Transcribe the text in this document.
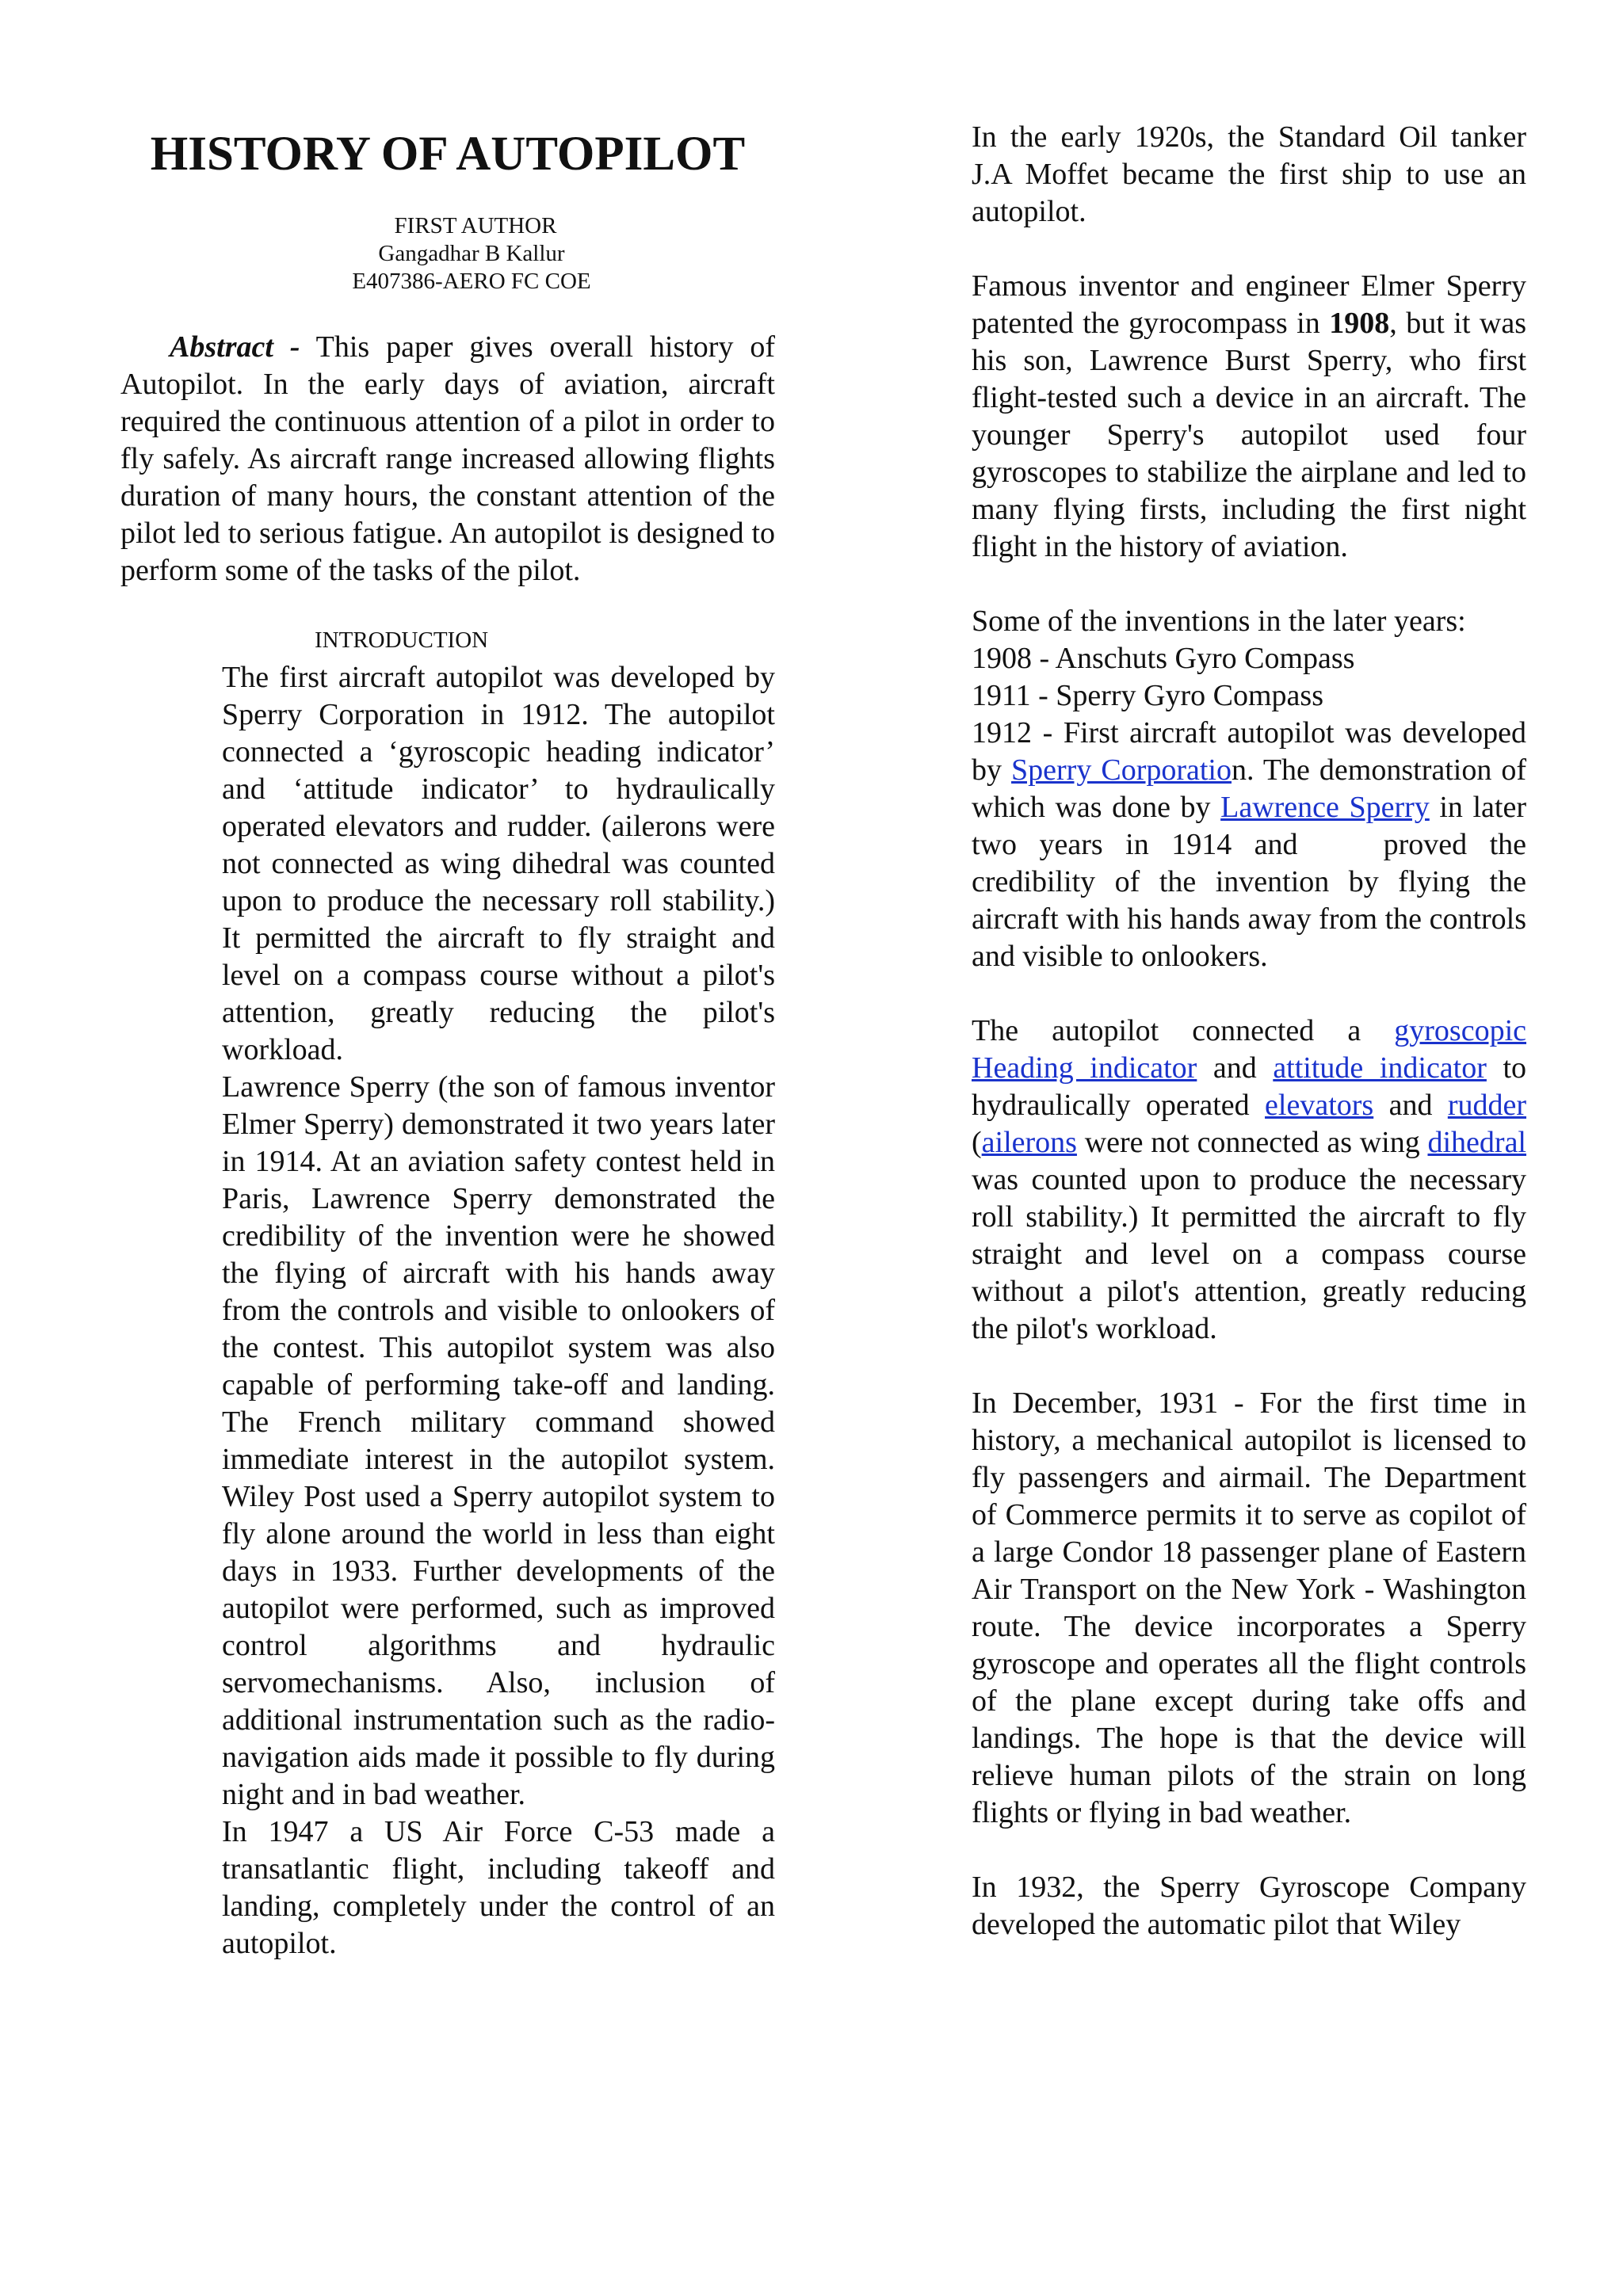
HISTORY OF AUTOPILOT
FIRST AUTHOR
Gangadhar B Kallur
E407386-AERO FC COE

Abstract - This paper gives overall history of Autopilot. In the early days of aviation, aircraft required the continuous attention of a pilot in order to fly safely. As aircraft range increased allowing flights duration of many hours, the constant attention of the pilot led to serious fatigue. An autopilot is designed to perform some of the tasks of the pilot.

INTRODUCTION

The first aircraft autopilot was developed by Sperry Corporation in 1912. The autopilot connected a ‘gyroscopic heading indicator’ and ‘attitude indicator’ to hydraulically operated elevators and rudder. (ailerons were not connected as wing dihedral was counted upon to produce the necessary roll stability.) It permitted the aircraft to fly straight and level on a compass course without a pilot's attention, greatly reducing the pilot's workload.

Lawrence Sperry (the son of famous inventor Elmer Sperry) demonstrated it two years later in 1914. At an aviation safety contest held in Paris, Lawrence Sperry demonstrated the credibility of the invention were he showed the flying of aircraft with his hands away from the controls and visible to onlookers of the contest. This autopilot system was also capable of performing take-off and landing. The French military command showed immediate interest in the autopilot system. Wiley Post used a Sperry autopilot system to fly alone around the world in less than eight days in 1933. Further developments of the autopilot were performed, such as improved control algorithms and hydraulic servomechanisms. Also, inclusion of additional instrumentation such as the radio-navigation aids made it possible to fly during night and in bad weather.

In 1947 a US Air Force C-53 made a transatlantic flight, including takeoff and landing, completely under the control of an autopilot.

In the early 1920s, the Standard Oil tanker J.A Moffet became the first ship to use an autopilot.

Famous inventor and engineer Elmer Sperry patented the gyrocompass in 1908, but it was his son, Lawrence Burst Sperry, who first flight-tested such a device in an aircraft. The younger Sperry's autopilot used four gyroscopes to stabilize the airplane and led to many flying firsts, including the first night flight in the history of aviation.

Some of the inventions in the later years:
1908 - Anschuts Gyro Compass
1911 - Sperry Gyro Compass

1912 - First aircraft autopilot was developed by Sperry Corporation. The demonstration of which was done by Lawrence Sperry in later two years in 1914 and	proved the credibility of the invention by flying the aircraft with his hands away from the controls and visible to onlookers.

The autopilot connected a gyroscopic Heading indicator and attitude indicator to hydraulically operated elevators and rudder (ailerons were not connected as wing dihedral was counted upon to produce the necessary roll stability.) It permitted the aircraft to fly straight and level on a compass course without a pilot's attention, greatly reducing the pilot's workload.

In December, 1931 - For the first time in history, a mechanical autopilot is licensed to fly passengers and airmail. The Department of Commerce permits it to serve as copilot of a large Condor 18 passenger plane of Eastern Air Transport on the New York - Washington route. The device incorporates a Sperry gyroscope and operates all the flight controls of the plane except during take offs and landings. The hope is that the device will relieve human pilots of the strain on long flights or flying in bad weather.

In 1932, the Sperry Gyroscope Company developed the automatic pilot that Wiley
